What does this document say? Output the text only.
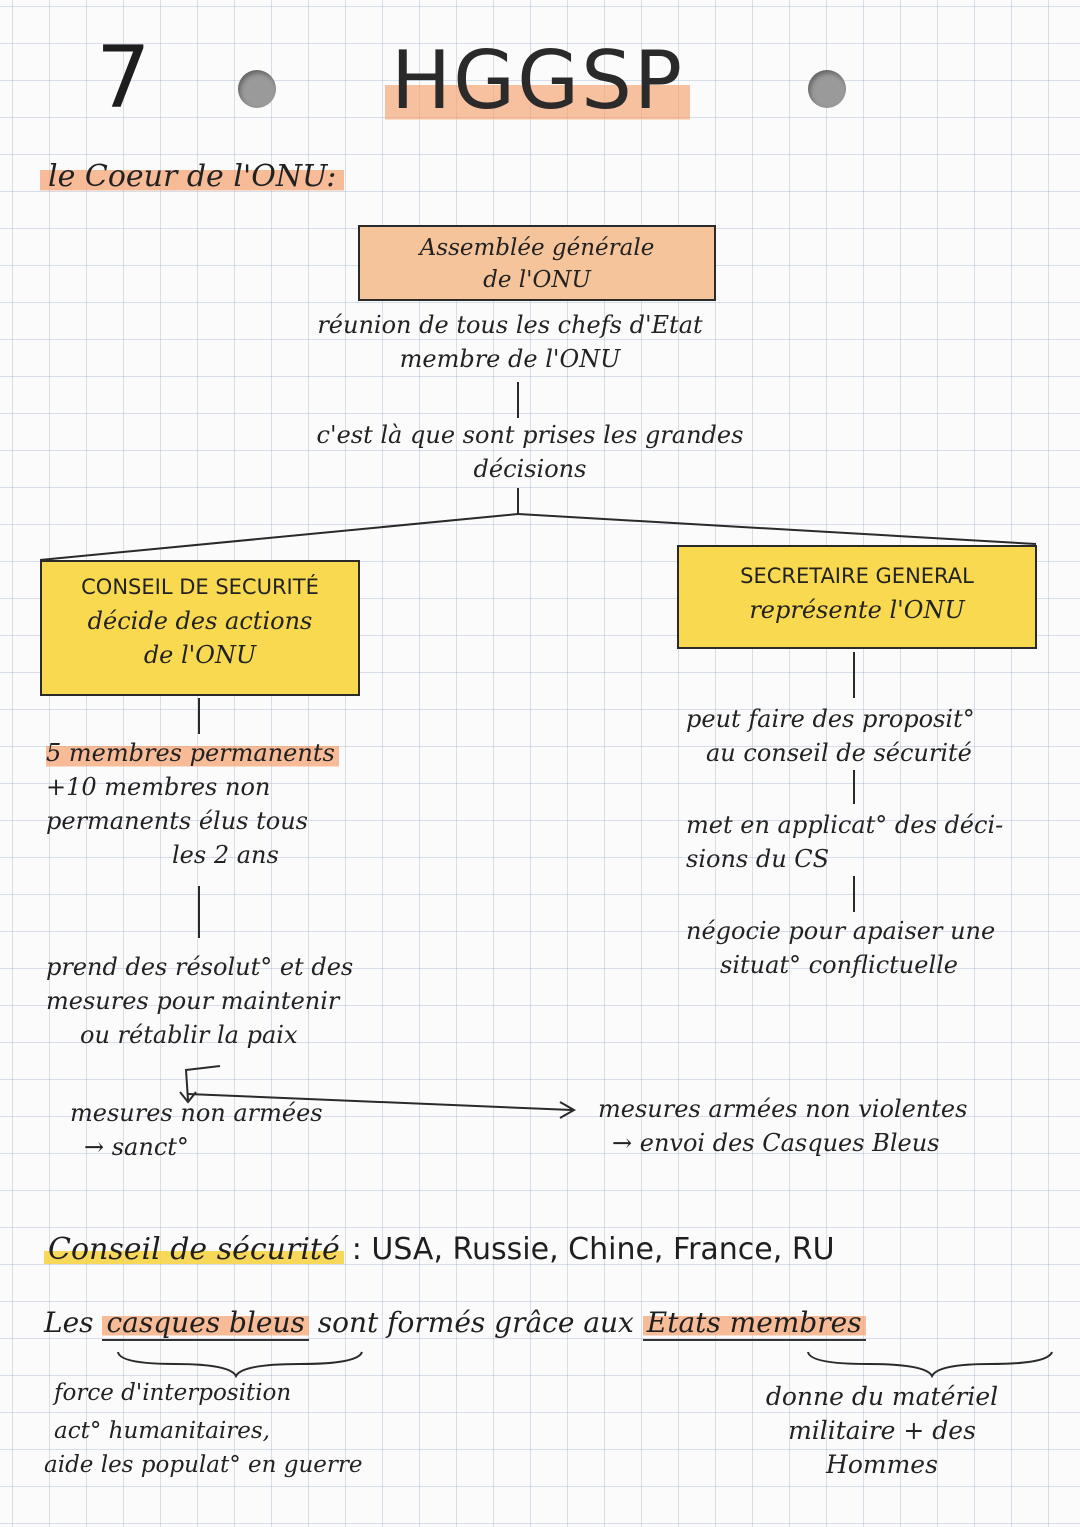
7	HGGSP
le Coeur de l'ONU:
Assemblée générale
de l'ONU
réunion de tous les chefs d'Etat
membre de l'ONU
c'est là que sont prises les grandes
décisions
CONSEIL DE SECURITÉ
décide des actions
de l'ONU
SECRETAIRE GENERAL
représente l'ONU
5 membres permanents
+10 membres non
permanents élus tous
les 2 ans
prend des résolut° et des
mesures pour maintenir
ou rétablir la paix
mesures non armées
→ sanct°
mesures armées non violentes
→ envoi des Casques Bleus
peut faire des proposit°
au conseil de sécurité
met en applicat° des déci-
sions du CS
négocie pour apaiser une
situat° conflictuelle
Conseil de sécurité : USA, Russie, Chine, France, RU
Les casques bleus sont formés grâce aux Etats membres
force d'interposition
act° humanitaires,
aide les populat° en guerre
donne du matériel
militaire + des
Hommes
